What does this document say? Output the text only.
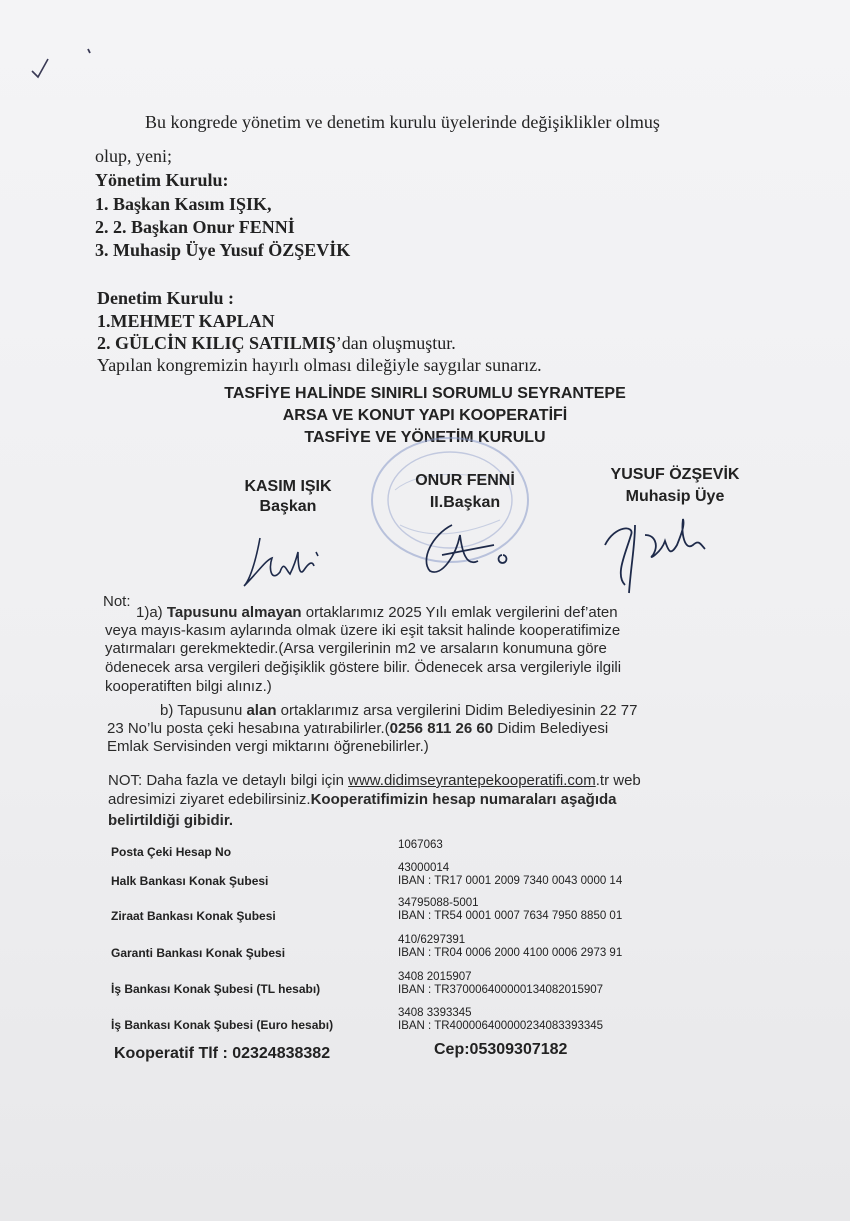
Bu kongrede yönetim ve denetim kurulu üyelerinde değişiklikler olmuş
olup, yeni;
Yönetim Kurulu:
1. Başkan Kasım IŞIK,
2. 2. Başkan Onur FENNİ
3. Muhasip Üye Yusuf ÖZŞEVİK
Denetim Kurulu :
1.MEHMET KAPLAN
2. GÜLCİN KILIÇ SATILMIŞ’dan oluşmuştur.
Yapılan kongremizin hayırlı olması dileğiyle saygılar sunarız.
TASFİYE HALİNDE SINIRLI SORUMLU SEYRANTEPE
ARSA VE KONUT YAPI KOOPERATİFİ
TASFİYE VE YÖNETİM KURULU
KASIM IŞIK
Başkan
ONUR FENNİ
II.Başkan
YUSUF ÖZŞEVİK
Muhasip Üye
Not:
1)a) Tapusunu almayan ortaklarımız 2025 Yılı emlak vergilerini def’aten
veya mayıs-kasım aylarında olmak üzere iki eşit taksit halinde kooperatifimize
yatırmaları gerekmektedir.(Arsa vergilerinin m2 ve arsaların konumuna göre
ödenecek arsa vergileri değişiklik göstere bilir. Ödenecek arsa vergileriyle ilgili
kooperatiften bilgi alınız.)
b) Tapusunu alan ortaklarımız arsa vergilerini Didim Belediyesinin 22 77
23 No’lu posta çeki hesabına yatırabilirler.(0256 811 26 60 Didim Belediyesi
Emlak Servisinden vergi miktarını öğrenebilirler.)
NOT: Daha fazla ve detaylı bilgi için www.didimseyrantepekooperatifi.com.tr web
adresimizi ziyaret edebilirsiniz.Kooperatifimizin hesap numaraları aşağıda
belirtildiği gibidir.
Posta Çeki Hesap No	1067063
Halk Bankası Konak Şubesi
43000014
IBAN : TR17 0001 2009 7340 0043 0000 14
Ziraat Bankası Konak Şubesi
34795088-5001
IBAN : TR54 0001 0007 7634 7950 8850 01
Garanti Bankası Konak Şubesi
410/6297391
IBAN : TR04 0006 2000 4100 0006 2973 91
İş Bankası Konak Şubesi (TL hesabı)
3408 2015907
IBAN : TR370006400000134082015907
İş Bankası Konak Şubesi (Euro hesabı)
3408 3393345
IBAN : TR400006400000234083393345
Kooperatif Tlf : 02324838382	Cep:05309307182
